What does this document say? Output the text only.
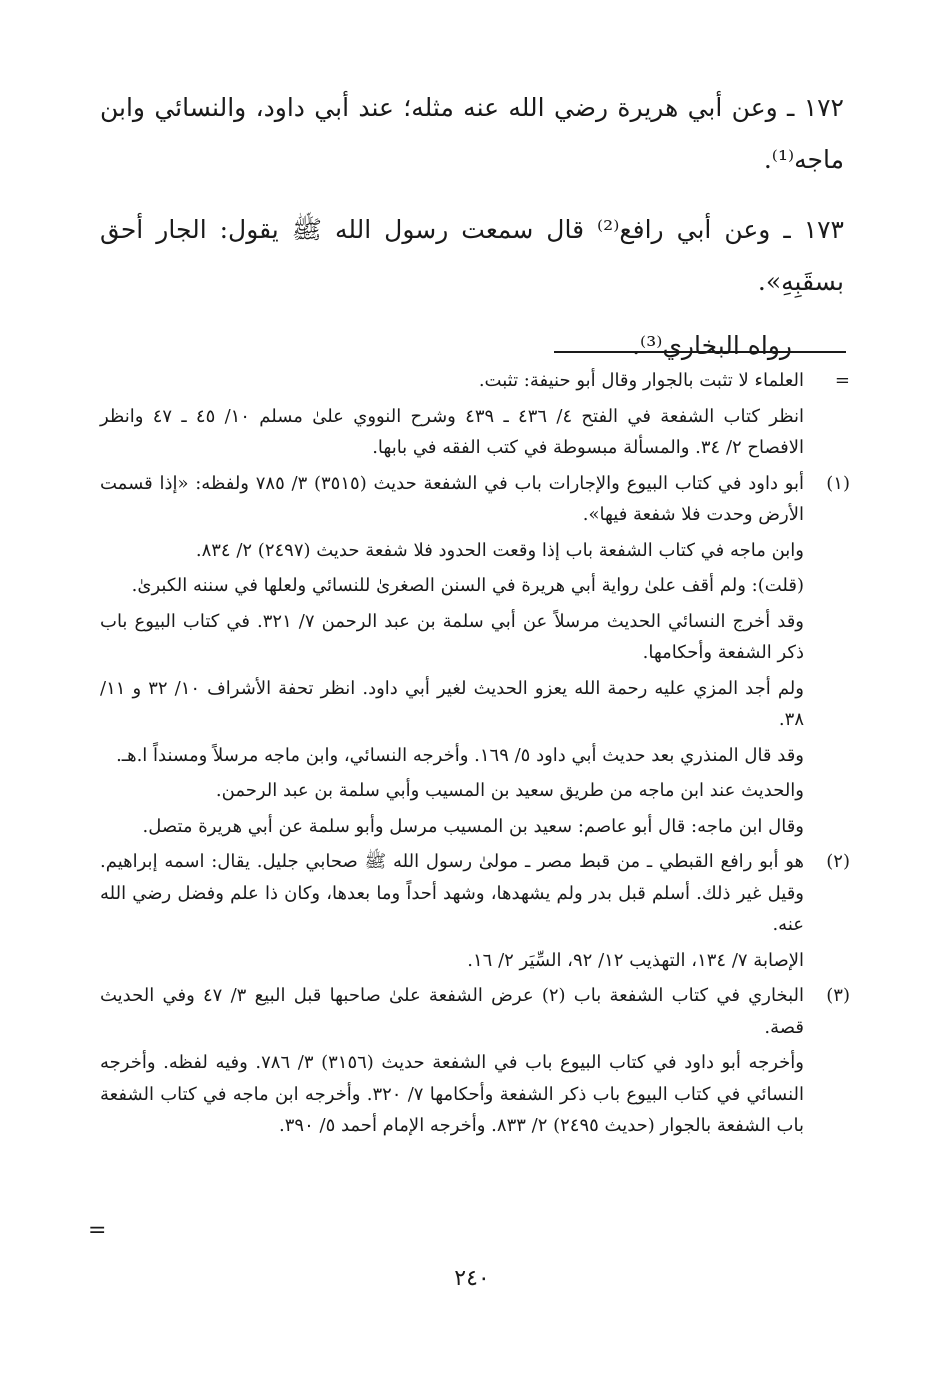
١٧٢ ـ وعن أبي هريرة رضي الله عنه مثله؛ عند أبي داود، والنسائي وابن ماجه⁽¹⁾.

١٧٣ ـ وعن أبي رافع⁽²⁾ قال سمعت رسول الله ﷺ يقول: الجار أحق بسقَبِهِ».

رواه البخاري⁽³⁾.

=

العلماء لا تثبت بالجوار وقال أبو حنيفة: تثبت.

انظر كتاب الشفعة في الفتح ٤/ ٤٣٦ ـ ٤٣٩ وشرح النووي علىٰ مسلم ١٠/ ٤٥ ـ ٤٧ وانظر الافصاح ٢/ ٣٤. والمسألة مبسوطة في كتب الفقه في بابها.

(١)

أبو داود في كتاب البيوع والإجارات باب في الشفعة حديث (٣٥١٥) ٣/ ٧٨٥ ولفظه: «إذا قسمت الأرض وحدت فلا شفعة فيها».

وابن ماجه في كتاب الشفعة باب إذا وقعت الحدود فلا شفعة حديث (٢٤٩٧) ٢/ ٨٣٤.

(قلت): ولم أقف علىٰ رواية أبي هريرة في السنن الصغرىٰ للنسائي ولعلها في سننه الكبرىٰ.

وقد أخرج النسائي الحديث مرسلاً عن أبي سلمة بن عبد الرحمن ٧/ ٣٢١. في كتاب البيوع باب ذكر الشفعة وأحكامها.

ولم أجد المزي عليه رحمة الله يعزو الحديث لغير أبي داود. انظر تحفة الأشراف ١٠/ ٣٢ و ١١/ ٣٨.

وقد قال المنذري بعد حديث أبي داود ٥/ ١٦٩. وأخرجه النسائي، وابن ماجه مرسلاً ومسنداً ا.هـ.

والحديث عند ابن ماجه من طريق سعيد بن المسيب وأبي سلمة بن عبد الرحمن.

وقال ابن ماجه: قال أبو عاصم: سعيد بن المسيب مرسل وأبو سلمة عن أبي هريرة متصل.

(٢)

هو أبو رافع القبطي ـ من قبط مصر ـ مولىٰ رسول الله ﷺ صحابي جليل. يقال: اسمه إبراهيم. وقيل غير ذلك. أسلم قبل بدر ولم يشهدها، وشهد أحداً وما بعدها، وكان ذا علم وفضل رضي الله عنه.

الإصابة ٧/ ١٣٤، التهذيب ١٢/ ٩٢، السِّيَر ٢/ ١٦.

(٣)

البخاري في كتاب الشفعة باب (٢) عرض الشفعة علىٰ صاحبها قبل البيع ٣/ ٤٧ وفي الحديث قصة.

وأخرجه أبو داود في كتاب البيوع باب في الشفعة حديث (٣١٥٦) ٣/ ٧٨٦. وفيه لفظه. وأخرجه النسائي في كتاب البيوع باب ذكر الشفعة وأحكامها ٧/ ٣٢٠. وأخرجه ابن ماجه في كتاب الشفعة باب الشفعة بالجوار (حديث ٢٤٩٥) ٢/ ٨٣٣. وأخرجه الإمام أحمد ٥/ ٣٩٠.

=
٢٤٠
